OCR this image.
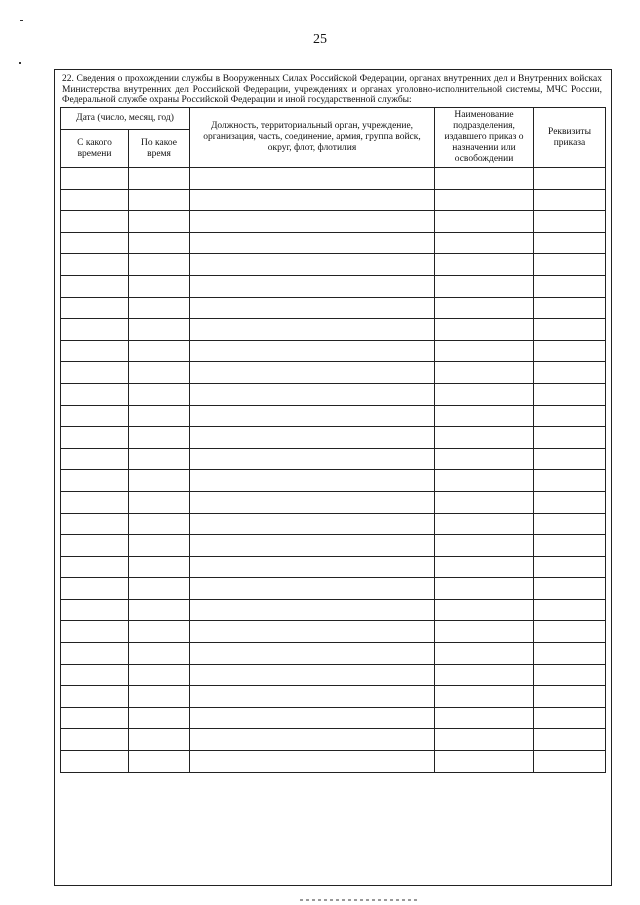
25
22. Сведения о прохождении службы в Вооруженных Силах Российской Федерации, органах внутренних дел и Внутренних войсках Министерства внутренних дел Российской Федерации, учреждениях и органах уголовно-исполнительной системы, МЧС России, Федеральной службе охраны Российской Федерации и иной государственной службы:
Дата (число, месяц, год)		Должность, территориальный орган, учреждение, организация, часть, соединение, армия, группа войск, округ, флот, флотилия	Наименование подразделения, издавшего приказ о назначении или освобождении	Реквизиты приказа
С какого времени	По какое время			
